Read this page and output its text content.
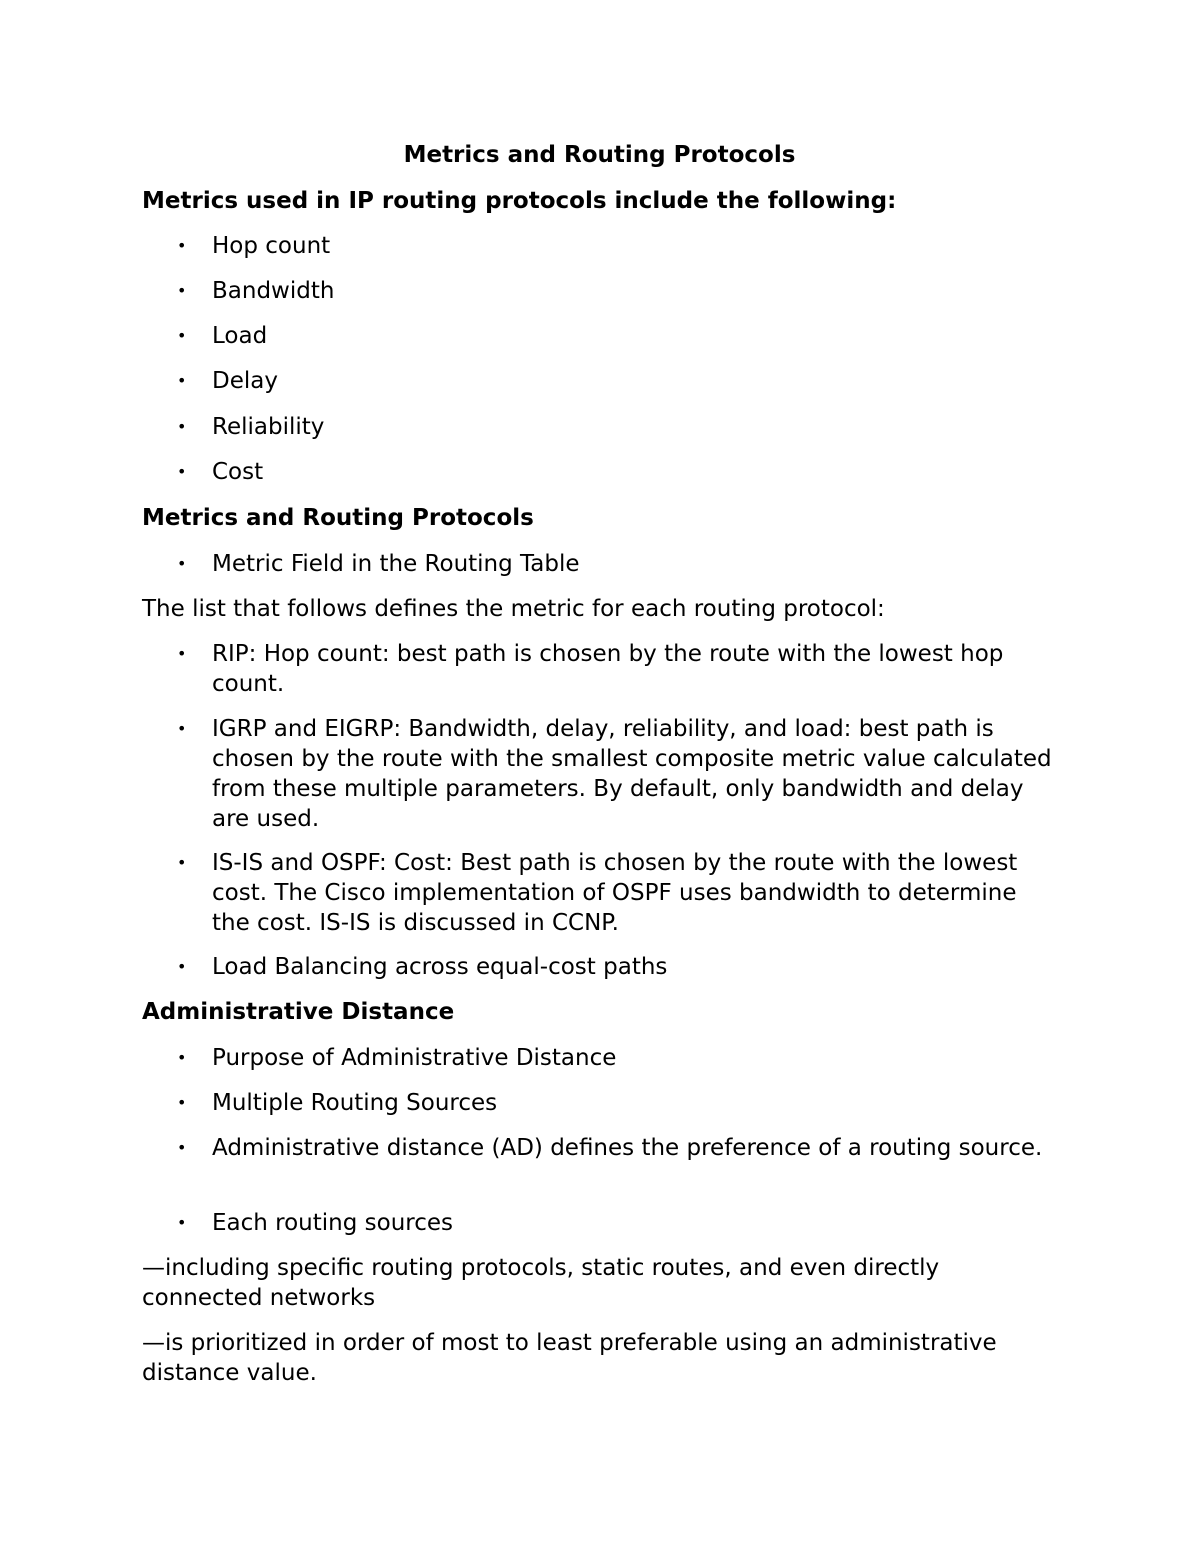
Metrics and Routing Protocols
Metrics used in IP routing protocols include the following:
• Hop count
• Bandwidth
• Load
• Delay
• Reliability
• Cost
Metrics and Routing Protocols
• Metric Field in the Routing Table
The list that follows defines the metric for each routing protocol:
• RIP: Hop count: best path is chosen by the route with the lowest hop count.
• IGRP and EIGRP: Bandwidth, delay, reliability, and load: best path is chosen by the route with the smallest composite metric value calculated from these multiple parameters. By default, only bandwidth and delay are used.
• IS-IS and OSPF: Cost: Best path is chosen by the route with the lowest cost. The Cisco implementation of OSPF uses bandwidth to determine the cost. IS-IS is discussed in CCNP.
• Load Balancing across equal-cost paths
Administrative Distance
• Purpose of Administrative Distance
• Multiple Routing Sources
• Administrative distance (AD) defines the preference of a routing source.
• Each routing sources
—including specific routing protocols, static routes, and even directly connected networks
—is prioritized in order of most to least preferable using an administrative distance value.
